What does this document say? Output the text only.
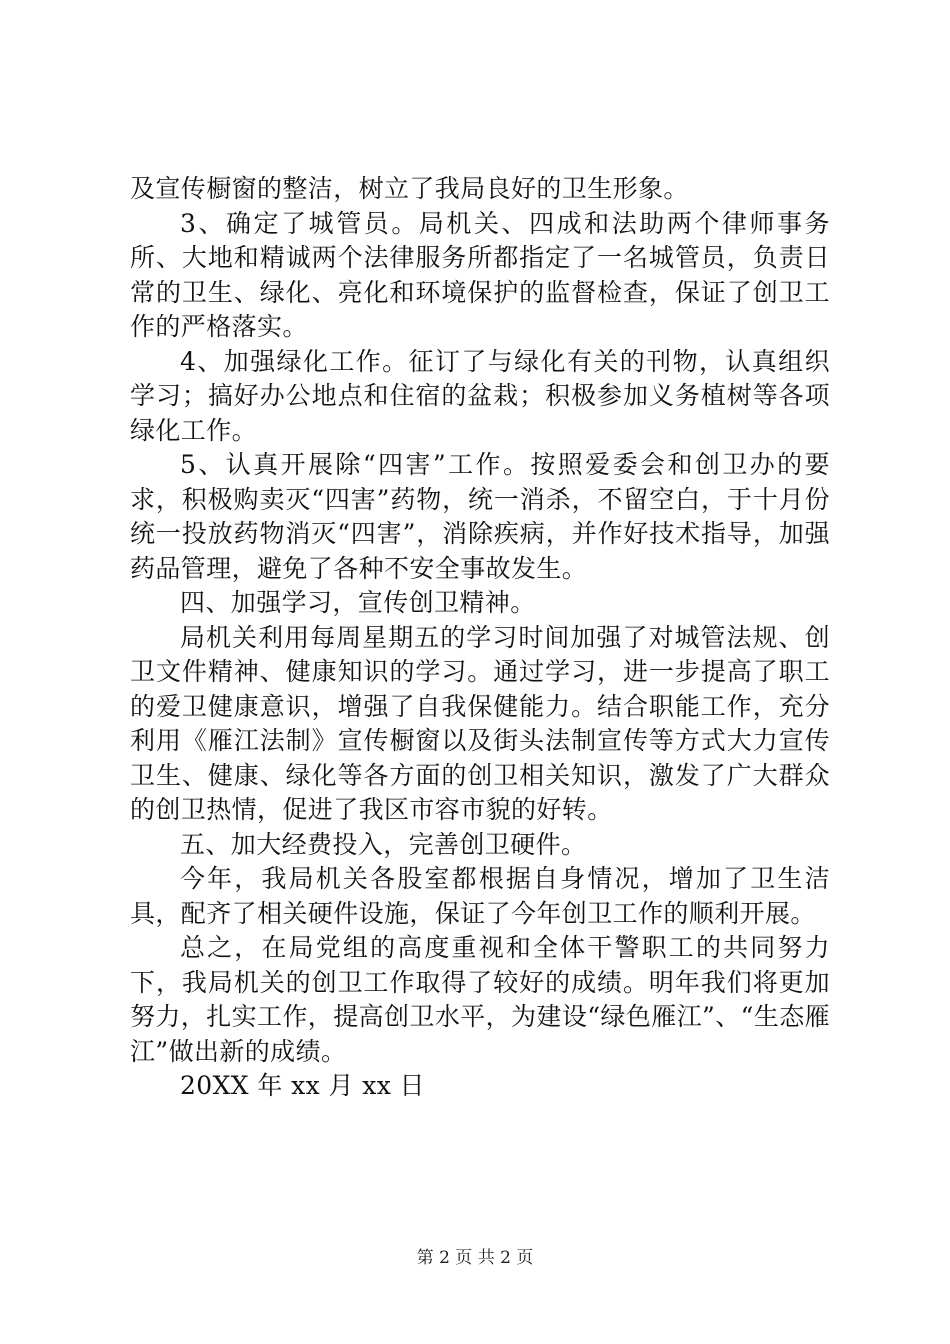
及宣传橱窗的整洁，树立了我局良好的卫生形象。

3、确定了城管员。局机关、四成和法助两个律师事务所、大地和精诚两个法律服务所都指定了一名城管员，负责日常的卫生、绿化、亮化和环境保护的监督检查，保证了创卫工作的严格落实。

4、加强绿化工作。征订了与绿化有关的刊物，认真组织学习；搞好办公地点和住宿的盆栽；积极参加义务植树等各项绿化工作。

5、认真开展除“四害”工作。按照爱委会和创卫办的要求，积极购卖灭“四害”药物，统一消杀，不留空白，于十月份统一投放药物消灭“四害”，消除疾病，并作好技术指导，加强药品管理，避免了各种不安全事故发生。

四、加强学习，宣传创卫精神。

局机关利用每周星期五的学习时间加强了对城管法规、创卫文件精神、健康知识的学习。通过学习，进一步提高了职工的爱卫健康意识，增强了自我保健能力。结合职能工作，充分利用《雁江法制》宣传橱窗以及街头法制宣传等方式大力宣传卫生、健康、绿化等各方面的创卫相关知识，激发了广大群众的创卫热情，促进了我区市容市貌的好转。

五、加大经费投入，完善创卫硬件。

今年，我局机关各股室都根据自身情况，增加了卫生洁具，配齐了相关硬件设施，保证了今年创卫工作的顺利开展。

总之，在局党组的高度重视和全体干警职工的共同努力下，我局机关的创卫工作取得了较好的成绩。明年我们将更加努力，扎实工作，提高创卫水平，为建设“绿色雁江”、“生态雁江”做出新的成绩。

20XX 年 xx 月 xx 日

第 2 页 共 2 页
